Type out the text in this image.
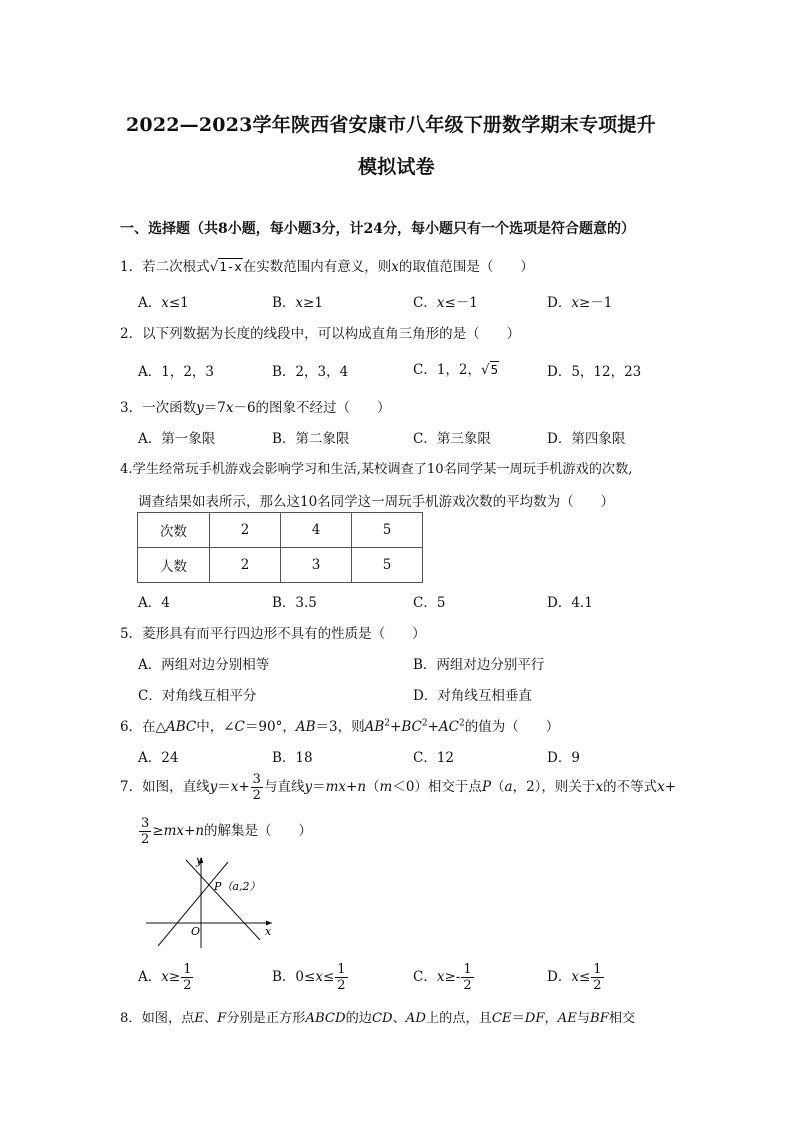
2022—2023学年陕西省安康市八年级下册数学期末专项提升
模拟试卷
一、选择题（共8小题，每小题3分，计24分，每小题只有一个选项是符合题意的）
1．若二次根式√1-x在实数范围内有意义，则x的取值范围是（　　）
A．x≤1	B．x≥1	C．x≤－1	D．x≥－1
2．以下列数据为长度的线段中，可以构成直角三角形的是（　　）
A．1，2，3	B．2，3，4	C．1，2，√5	D．5，12，23
3．一次函数y＝7x－6的图象不经过（　　）
A．第一象限	B．第二象限	C．第三象限	D．第四象限
4.学生经常玩手机游戏会影响学习和生活,某校调查了10名同学某一周玩手机游戏的次数,
调查结果如表所示，那么这10名同学这一周玩手机游戏次数的平均数为（　　）
次数	2	4	5
人数	2	3	5
A．4	B．3.5	C．5	D．4.1
5．菱形具有而平行四边形不具有的性质是（　　）
A．两组对边分别相等	B．两组对边分别平行
C．对角线互相平分	D．对角线互相垂直
6．在△ABC中，∠C＝90°，AB＝3，则$AB^2+BC^2+AC^2$的值为（　　）
A．24	B．18	C．12	D．9
7．如图，直线$y=x+ \frac{3}{2}$ 与直线y＝mx+n（m＜0）相交于点P（a，2），则关于x的不等式x+
$\frac{3}{2} \ge mx+n$的解集是（　　）
y
x
O
P（a,2）
A．$x\ge \frac{1}{2}$	B．$0\le x\le \frac{1}{2}$	C．$x\ge- \frac{1}{2}$	D．$x\le \frac{1}{2}$
8．如图，点E、F分别是正方形ABCD的边CD、AD上的点，且CE＝DF，AE与BF相交
